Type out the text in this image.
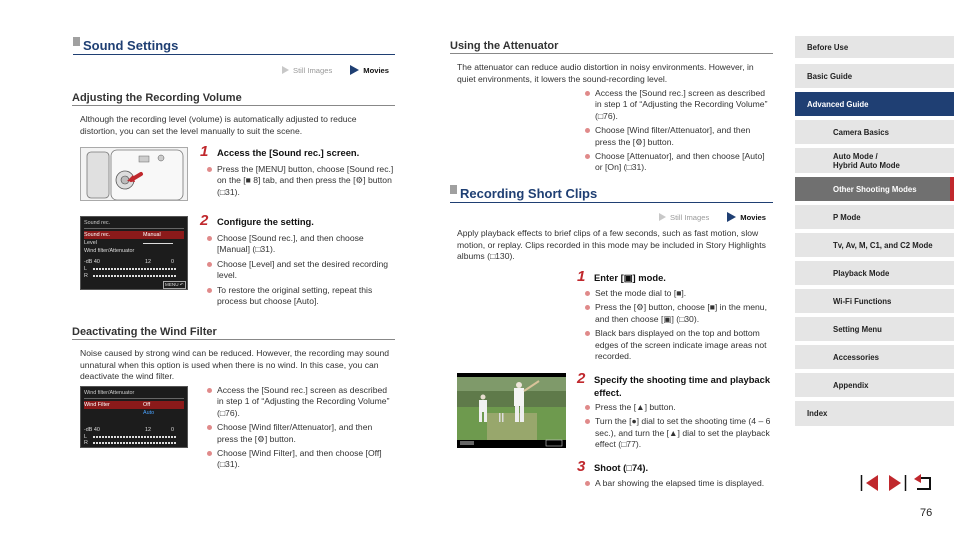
Sound Settings
Still Images	Movies
Adjusting the Recording Volume
Although the recording level (volume) is automatically adjusted to reduce distortion, you can set the level manually to suit the scene.
1 Access the [Sound rec.] screen.
Press the [MENU] button, choose [Sound rec.] on the [■ 8] tab, and then press the [⚙] button (□31).
Sound rec.
Sound rec.	Manual
Level
Wind filter/Attenuator
-dB 40	12	0
L
R
MENU ↶
2 Configure the setting.
Choose [Sound rec.], and then choose [Manual] (□31).
Choose [Level] and set the desired recording level.
To restore the original setting, repeat this process but choose [Auto].
Deactivating the Wind Filter
Noise caused by strong wind can be reduced. However, the recording may sound unnatural when this option is used when there is no wind. In this case, you can deactivate the wind filter.
Wind filter/Attenuator
Wind Filter	Off
Auto
-dB 40	12	0
L
R
Access the [Sound rec.] screen as described in step 1 of “Adjusting the Recording Volume” (□76).
Choose [Wind filter/Attenuator], and then press the [⚙] button.
Choose [Wind Filter], and then choose [Off] (□31).
Using the Attenuator
The attenuator can reduce audio distortion in noisy environments. However, in quiet environments, it lowers the sound-recording level.
Access the [Sound rec.] screen as described in step 1 of “Adjusting the Recording Volume” (□76).
Choose [Wind filter/Attenuator], and then press the [⚙] button.
Choose [Attenuator], and then choose [Auto] or [On] (□31).
Recording Short Clips
Still Images	Movies
Apply playback effects to brief clips of a few seconds, such as fast motion, slow motion, or replay. Clips recorded in this mode may be included in Story Highlights albums (□130).
1 Enter [▣] mode.
Set the mode dial to [■].
Press the [⚙] button, choose [■] in the menu, and then choose [▣] (□30).
Black bars displayed on the top and bottom edges of the screen indicate image areas not recorded.
2 Specify the shooting time and playback effect.
Press the [▲] button.
Turn the [●] dial to set the shooting time (4 – 6 sec.), and turn the [▲] dial to set the playback effect (□77).
3 Shoot (□74).
A bar showing the elapsed time is displayed.
Before Use
Basic Guide
Advanced Guide
Camera Basics
Auto Mode /
Hybrid Auto Mode
Other Shooting Modes
P Mode
Tv, Av, M, C1, and C2 Mode
Playback Mode
Wi-Fi Functions
Setting Menu
Accessories
Appendix
Index
76
